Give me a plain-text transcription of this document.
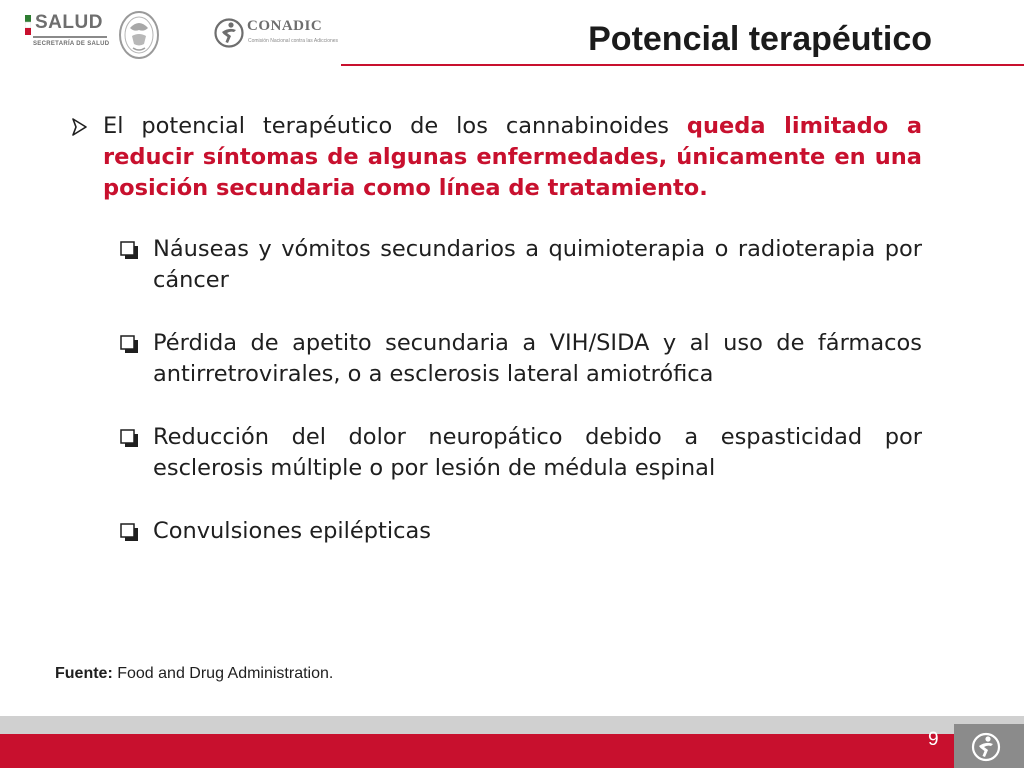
SALUD
SECRETARÍA DE SALUD
CONADIC
Comisión Nacional contra las Adicciones	Potencial terapéutico

El potencial terapéutico de los cannabinoides queda limitado a reducir síntomas de algunas enfermedades, únicamente en una posición secundaria como línea de tratamiento.

Náuseas y vómitos secundarios a quimioterapia o radioterapia por cáncer
Pérdida de apetito secundaria a VIH/SIDA y al uso de fármacos antirretrovirales, o a esclerosis lateral amiotrófica
Reducción del dolor neuropático debido a espasticidad por esclerosis múltiple o por lesión de médula espinal
Convulsiones epilépticas
Fuente: Food and Drug Administration.
9
